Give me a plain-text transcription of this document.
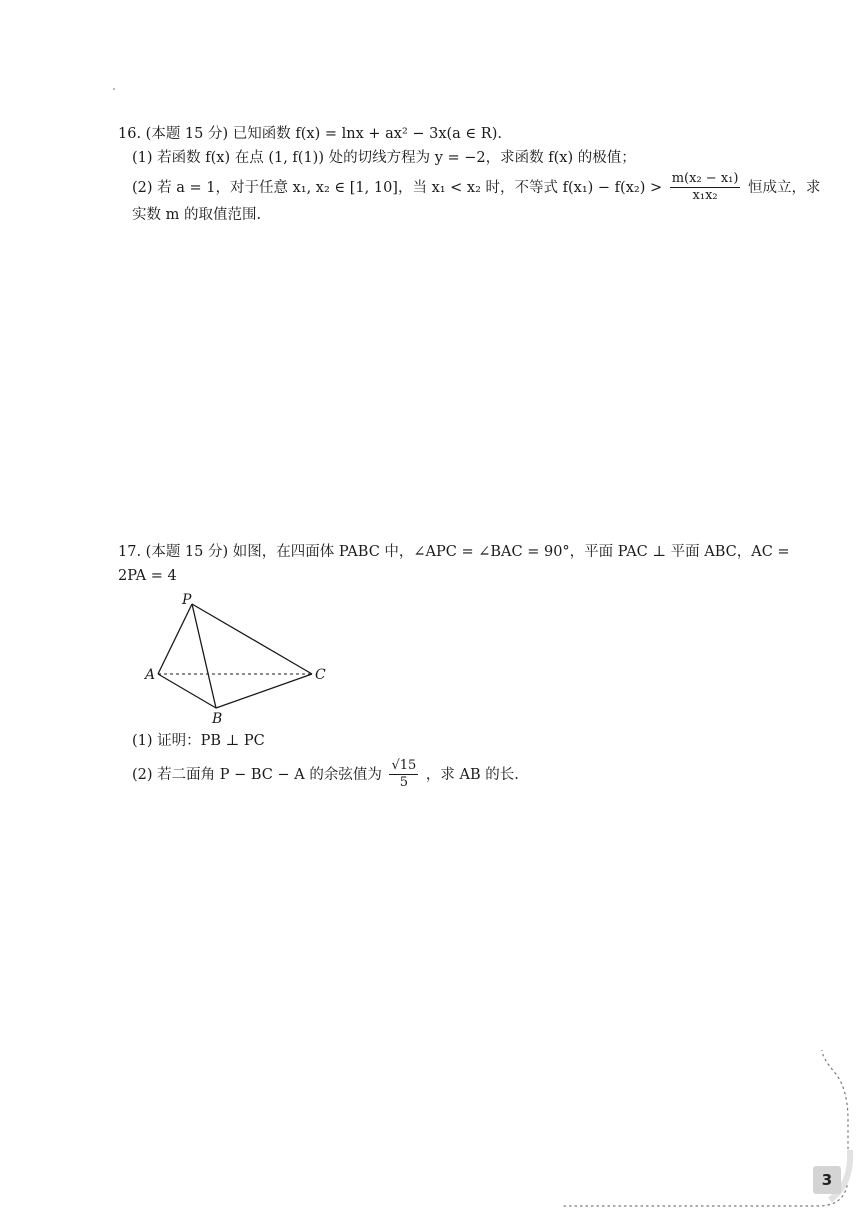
16. (本题 15 分) 已知函数 f(x) = lnx + ax² − 3x(a ∈ R).
(1) 若函数 f(x) 在点 (1, f(1)) 处的切线方程为 y = −2，求函数 f(x) 的极值；
(2) 若 a = 1，对于任意 x₁, x₂ ∈ [1, 10]，当 x₁ < x₂ 时，不等式 $f(x_1) - f(x_2) > \frac{\text{m(x₂ − x₁)}}{\text{x₁x₂}}$ 恒成立，求
实数 m 的取值范围.
17. (本题 15 分) 如图，在四面体 PABC 中，∠APC = ∠BAC = 90°，平面 PAC ⊥ 平面 ABC，AC =
2PA = 4
P
A
B
C
(1) 证明：PB ⊥ PC
(2) 若二面角 P − BC − A 的余弦值为 $\frac{√15}{5}$ ，求 AB 的长.
3
